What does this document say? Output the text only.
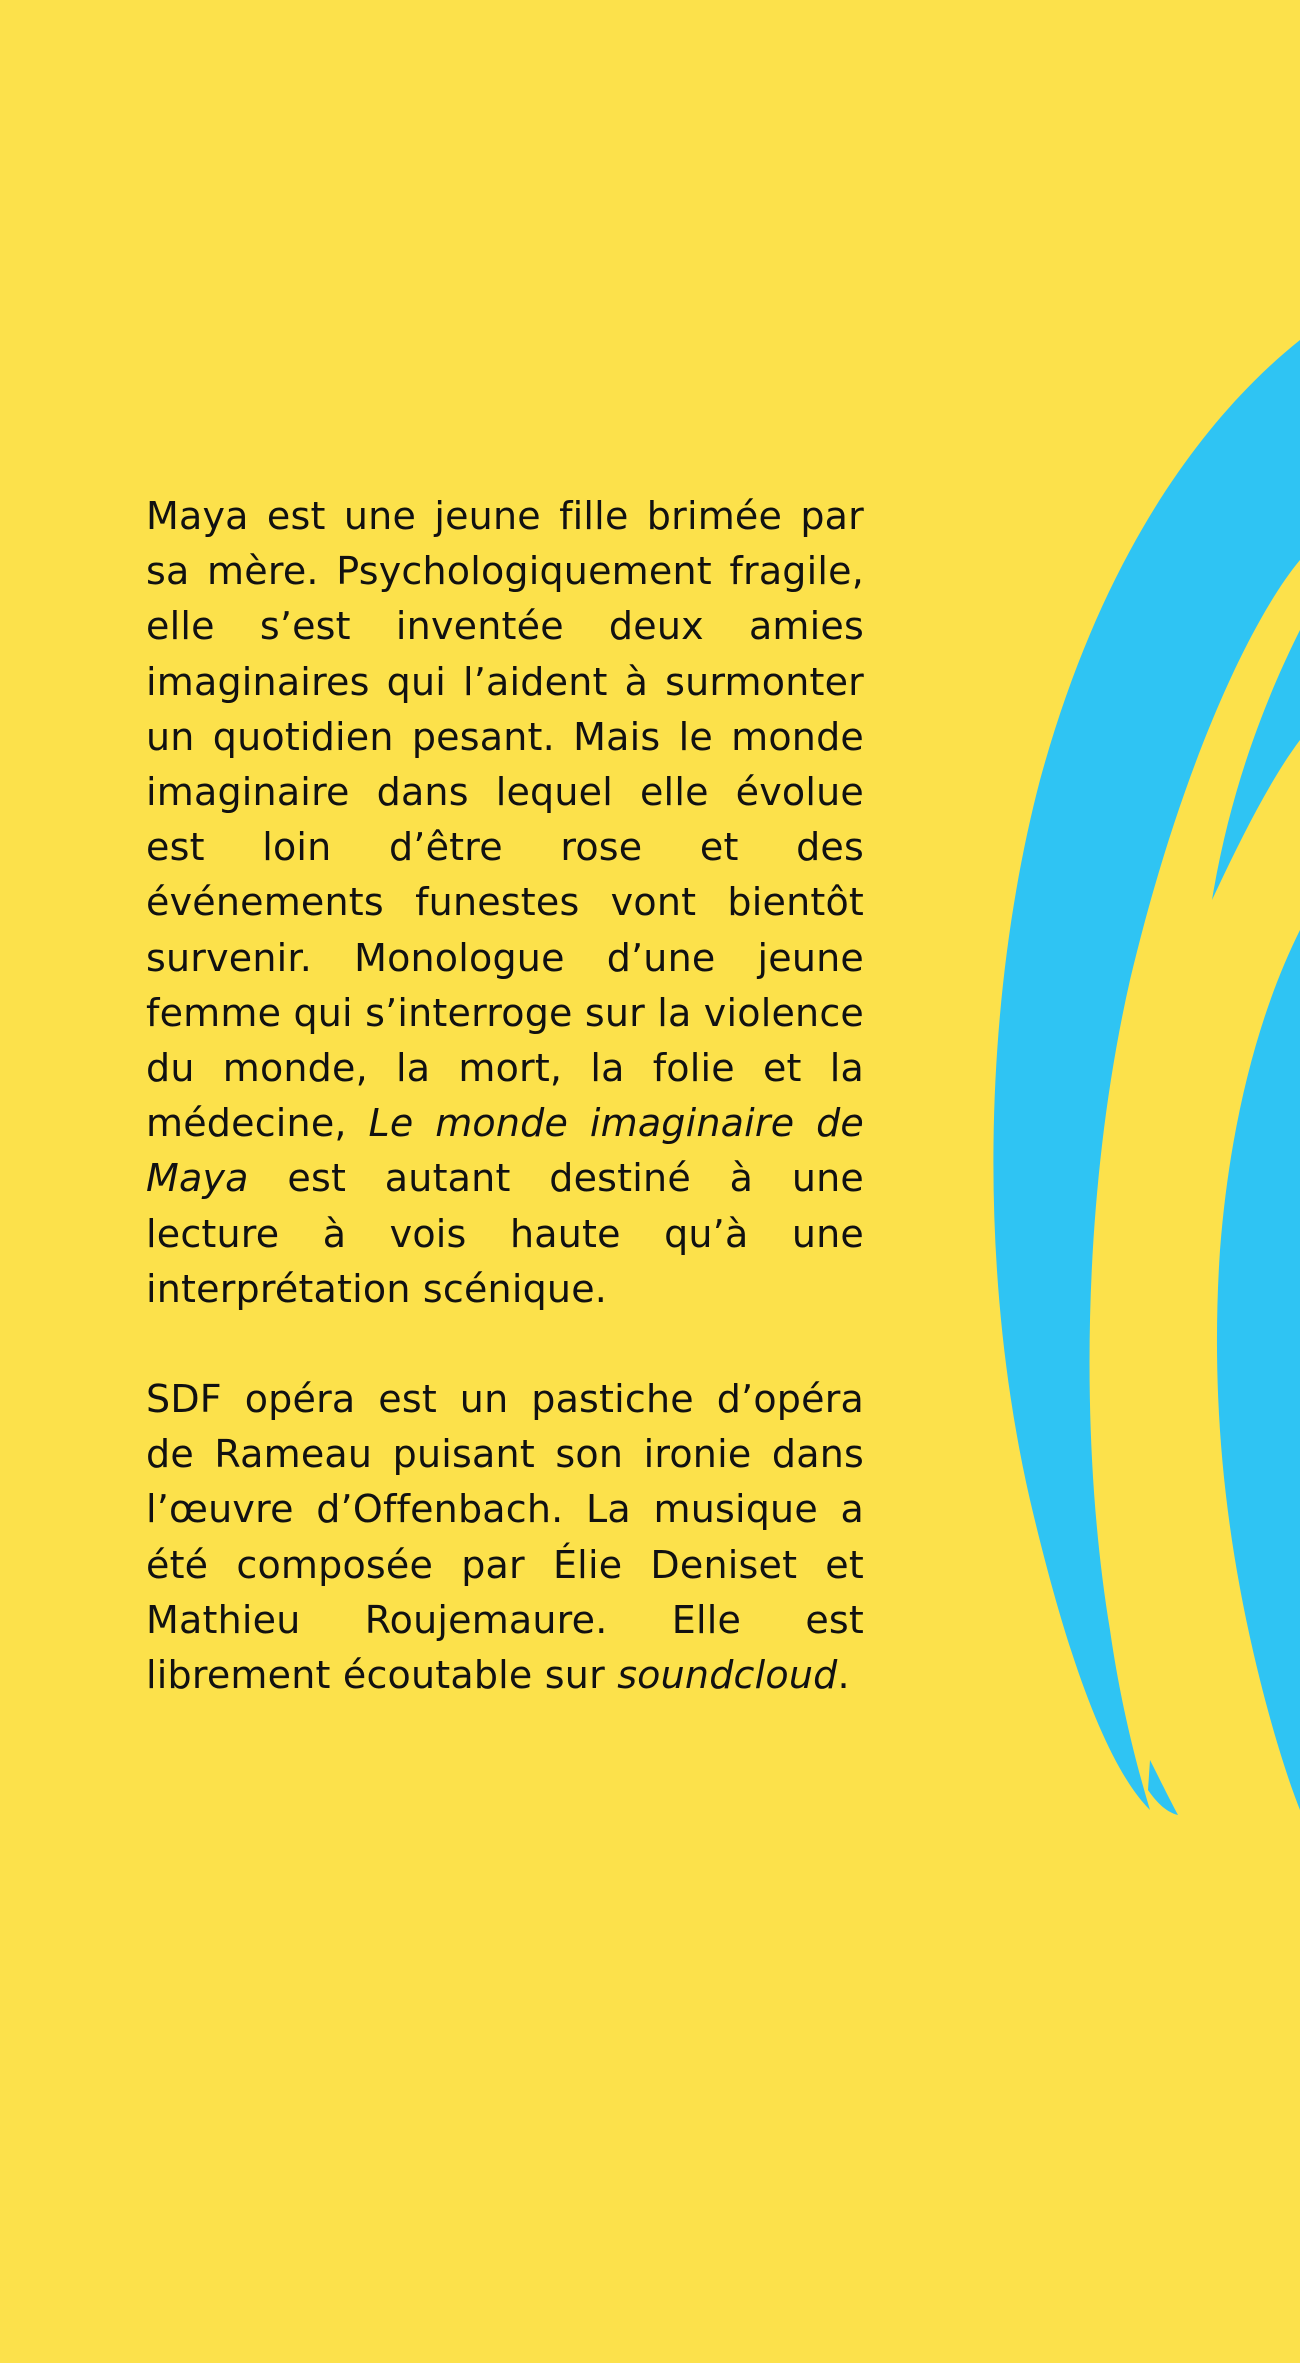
Maya est une jeune fille brimée par sa mère. Psychologiquement fragile, elle s’est inventée deux amies imaginaires qui l’aident à surmonter un quotidien pesant. Mais le monde imaginaire dans lequel elle évolue est loin d’être rose et des événements funestes vont bientôt survenir. Monologue d’une jeune femme qui s’interroge sur la violence du monde, la mort, la folie et la médecine, Le monde imaginaire de Maya est autant destiné à une lecture à vois haute qu’à une interprétation scénique.

SDF opéra est un pastiche d’opéra de Rameau puisant son ironie dans l’œuvre d’Offenbach. La musique a été composée par Élie Deniset et Mathieu Roujemaure. Elle est librement écoutable sur soundcloud.
